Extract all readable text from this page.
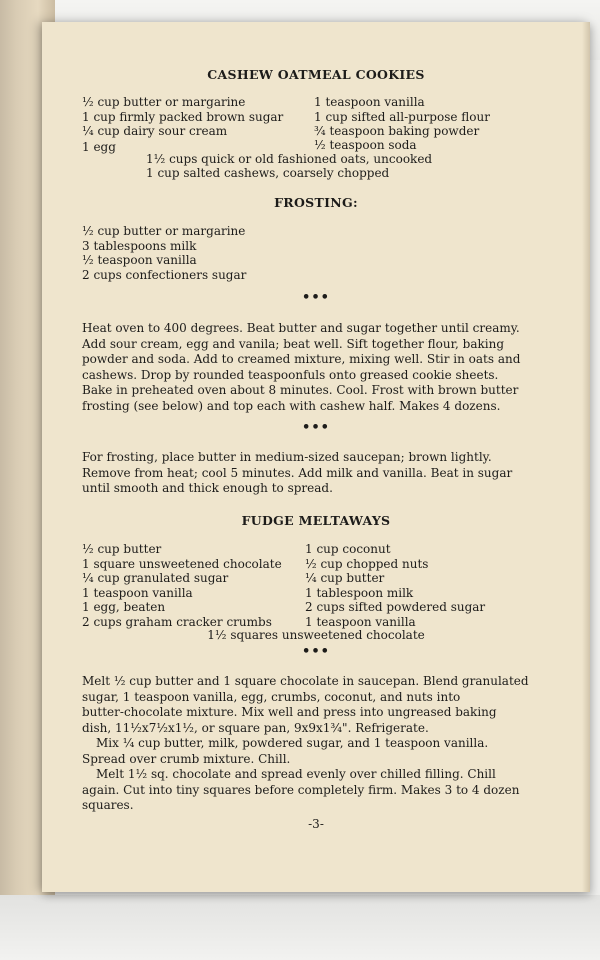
CASHEW OATMEAL COOKIES
½ cup butter or margarine
1 cup firmly packed brown sugar
¼ cup dairy sour cream
1 egg
1 teaspoon vanilla
1 cup sifted all-purpose flour
¾ teaspoon baking powder
½ teaspoon soda
1½ cups quick or old fashioned oats, uncooked
1 cup salted cashews, coarsely chopped
FROSTING:
½ cup butter or margarine
3 tablespoons milk
½ teaspoon vanilla
2 cups confectioners sugar
•••
Heat oven to 400 degrees. Beat butter and sugar together until creamy.
Add sour cream, egg and vanila; beat well. Sift together flour, baking
powder and soda. Add to creamed mixture, mixing well. Stir in oats and
cashews. Drop by rounded teaspoonfuls onto greased cookie sheets.
Bake in preheated oven about 8 minutes. Cool. Frost with brown butter
frosting (see below) and top each with cashew half. Makes 4 dozens.
•••
For frosting, place butter in medium-sized saucepan; brown lightly.
Remove from heat; cool 5 minutes. Add milk and vanilla. Beat in sugar
until smooth and thick enough to spread.
FUDGE MELTAWAYS
½ cup butter
1 square unsweetened chocolate
¼ cup granulated sugar
1 teaspoon vanilla
1 egg, beaten
2 cups graham cracker crumbs
1 cup coconut
½ cup chopped nuts
¼ cup butter
1 tablespoon milk
2 cups sifted powdered sugar
1 teaspoon vanilla
1½ squares unsweetened chocolate
•••
Melt ½ cup butter and 1 square chocolate in saucepan. Blend granulated
sugar, 1 teaspoon vanilla, egg, crumbs, coconut, and nuts into
butter-chocolate mixture. Mix well and press into ungreased baking
dish, 11½x7½x1½, or square pan, 9x9x1¾". Refrigerate.
Mix ¼ cup butter, milk, powdered sugar, and 1 teaspoon vanilla.
Spread over crumb mixture. Chill.
Melt 1½ sq. chocolate and spread evenly over chilled filling. Chill
again. Cut into tiny squares before completely firm. Makes 3 to 4 dozen
squares.
-3-
